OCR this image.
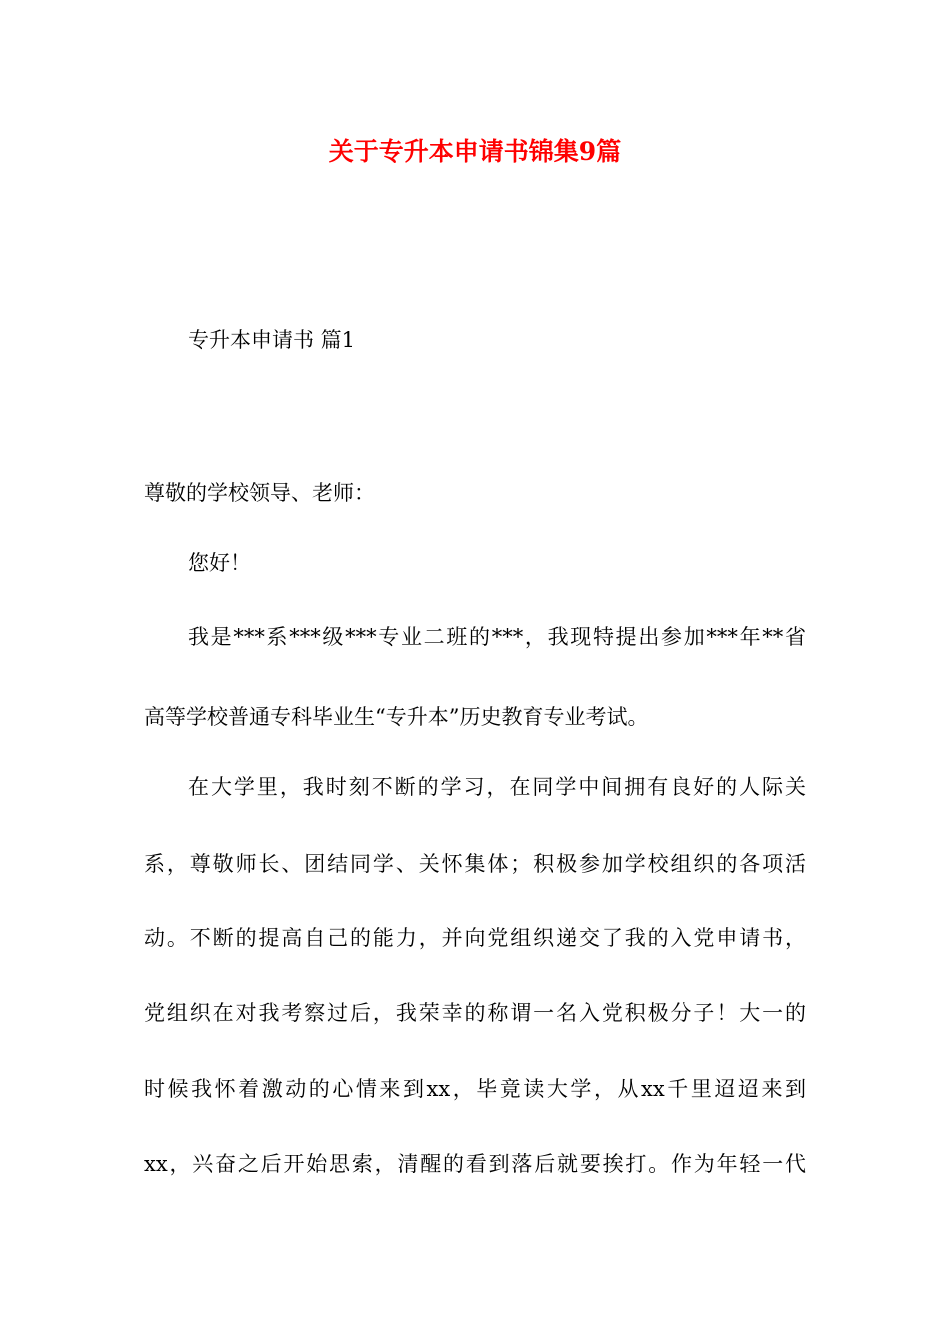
关于专升本申请书锦集9篇
专升本申请书 篇1
尊敬的学校领导、老师：
您好！
我是***系***级***专业二班的***，我现特提出参加***年**省
高等学校普通专科毕业生“专升本”历史教育专业考试。
在大学里，我时刻不断的学习，在同学中间拥有良好的人际关
系，尊敬师长、团结同学、关怀集体；积极参加学校组织的各项活
动。不断的提高自己的能力，并向党组织递交了我的入党申请书，
党组织在对我考察过后，我荣幸的称谓一名入党积极分子！大一的
时候我怀着激动的心情来到xx，毕竟读大学，从xx千里迢迢来到
xx，兴奋之后开始思索，清醒的看到落后就要挨打。作为年轻一代
